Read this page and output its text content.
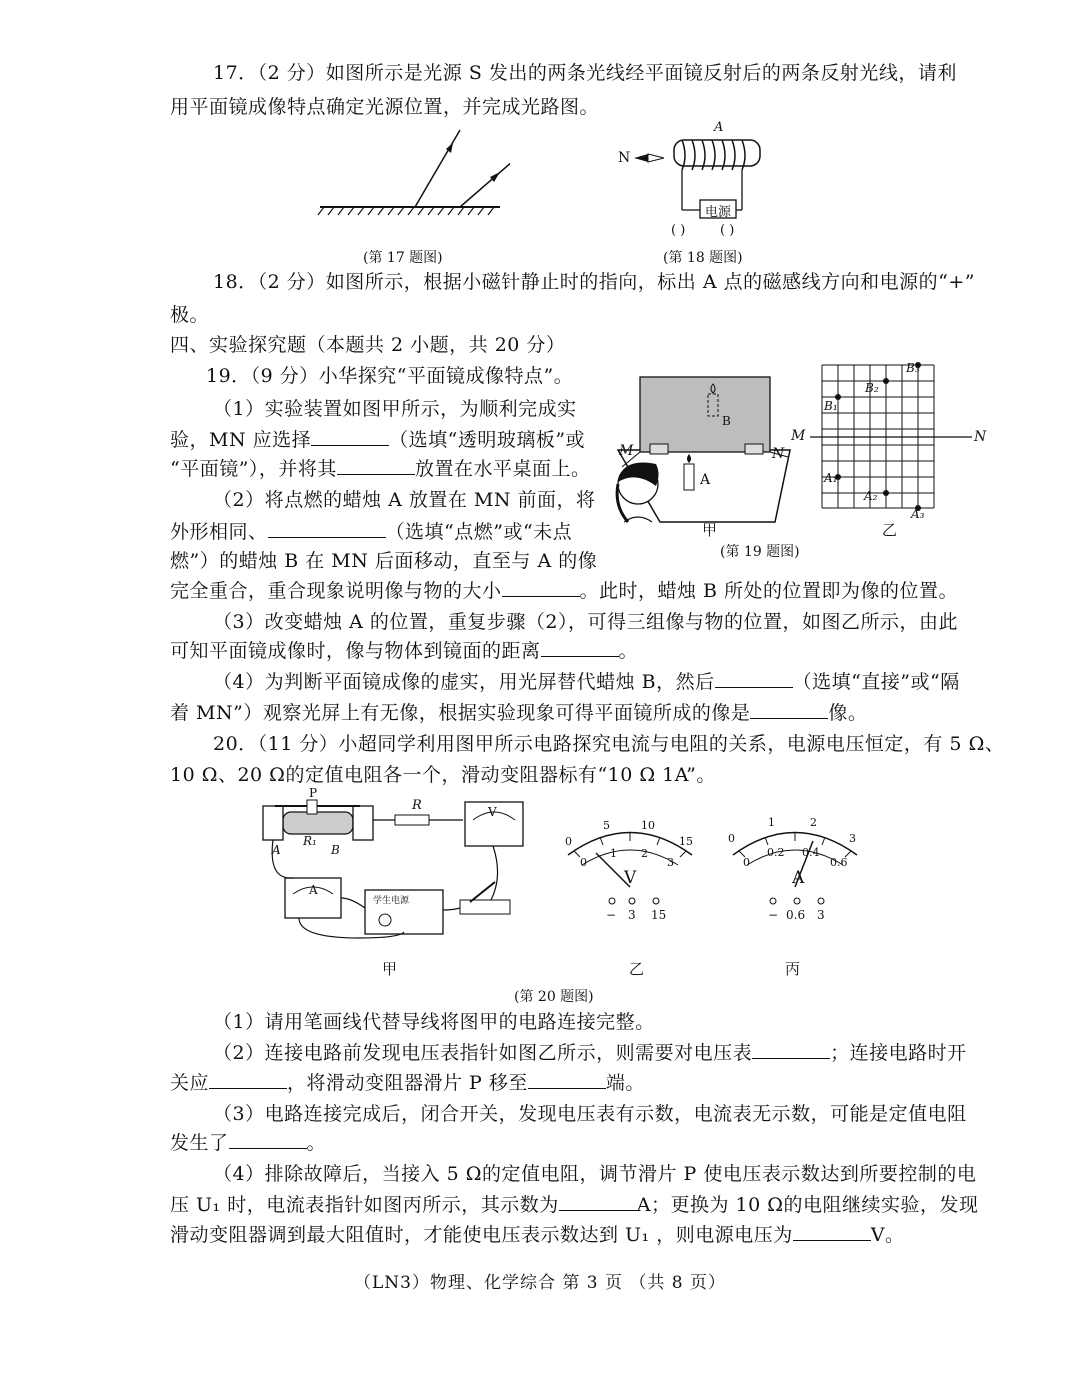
17．（2 分）如图所示是光源 S 发出的两条光线经平面镜反射后的两条反射光线，请利
用平面镜成像特点确定光源位置，并完成光路图。
(第 17 题图)
A
N
电源
( )	( )
(第 18 题图)
18．（2 分）如图所示，根据小磁针静止时的指向，标出 A 点的磁感线方向和电源的“+”
极。
四、实验探究题（本题共 2 小题，共 20 分）
19．（9 分）小华探究“平面镜成像特点”。
（1）实验装置如图甲所示，为顺利完成实
验，MN 应选择	（选填“透明玻璃板”或
“平面镜”），并将其	放置在水平桌面上。
（2）将点燃的蜡烛 A 放置在 MN 前面，将
外形相同、	（选填“点燃”或“未点
燃”）的蜡烛 B 在 MN 后面移动，直至与 A 的像
完全重合，重合现象说明像与物的大小	。此时，蜡烛 B 所处的位置即为像的位置。
（3）改变蜡烛 A 的位置，重复步骤（2），可得三组像与物的位置，如图乙所示，由此
可知平面镜成像时，像与物体到镜面的距离	。
（4）为判断平面镜成像的虚实，用光屏替代蜡烛 B，然后	（选填“直接”或“隔
着 MN”）观察光屏上有无像，根据实验现象可得平面镜所成的像是	像。
M	N
A
B
甲
M	N
B₃
B₂
B₁
A₁
A₂
A₃
乙
(第 19 题图)
20．（11 分）小超同学利用图甲所示电路探究电流与电阻的关系，电源电压恒定，有 5 Ω、
10 Ω、20 Ω的定值电阻各一个，滑动变阻器标有“10 Ω 1A”。
P
R
R₁
A	B
V
A
学生电源
甲
0
5	10
15
0
1 2
3
V
− 3 15
乙
0
1	2
3
0
0.2 0.4
0.6
A
− 0.6 3
丙
(第 20 题图)
（1）请用笔画线代替导线将图甲的电路连接完整。
（2）连接电路前发现电压表指针如图乙所示，则需要对电压表	；连接电路时开
关应	，将滑动变阻器滑片 P 移至	端。
（3）电路连接完成后，闭合开关，发现电压表有示数，电流表无示数，可能是定值电阻
发生了	。
（4）排除故障后，当接入 5 Ω的定值电阻，调节滑片 P 使电压表示数达到所要控制的电
压 U₁ 时，电流表指针如图丙所示，其示数为	A；更换为 10 Ω的电阻继续实验，发现
滑动变阻器调到最大阻值时，才能使电压表示数达到 U₁ ，则电源电压为	V。
（LN3）物理、化学综合 第 3 页 （共 8 页）
